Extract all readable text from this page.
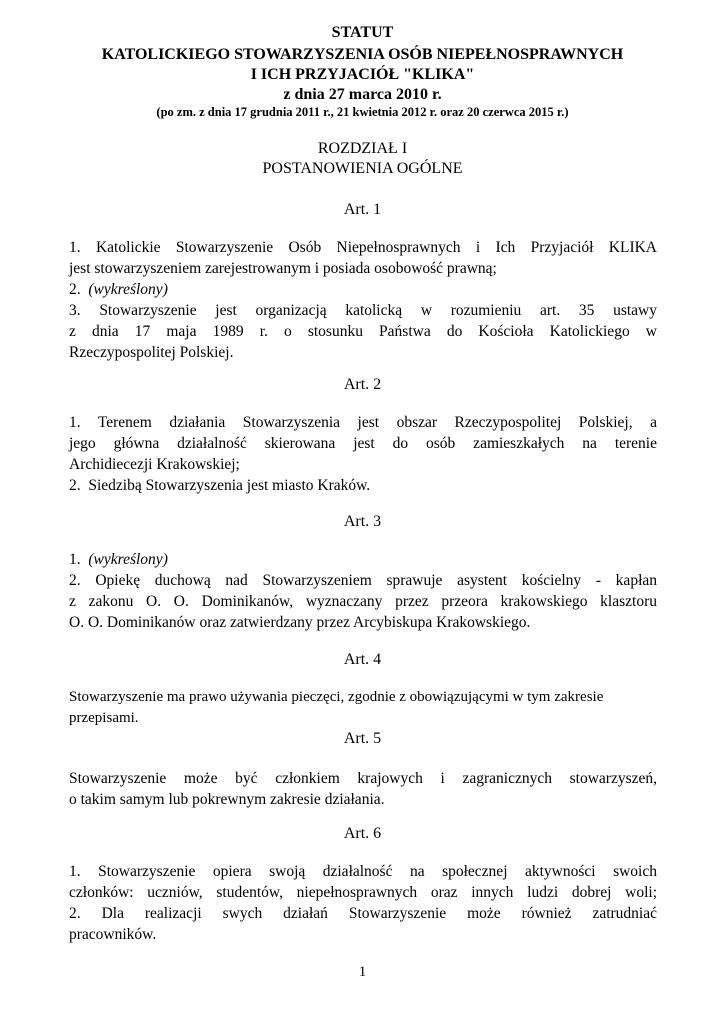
STATUT
KATOLICKIEGO STOWARZYSZENIA OSÓB NIEPEŁNOSPRAWNYCH
I ICH PRZYJACIÓŁ "KLIKA"
z dnia 27 marca 2010 r.
(po zm. z dnia 17 grudnia 2011 r., 21 kwietnia 2012 r. oraz 20 czerwca 2015 r.)
ROZDZIAŁ I
POSTANOWIENIA OGÓLNE
Art. 1
1. Katolickie Stowarzyszenie Osób Niepełnosprawnych i Ich Przyjaciół KLIKA
jest stowarzyszeniem zarejestrowanym i posiada osobowość prawną;
2. (wykreślony)
3. Stowarzyszenie jest organizacją katolicką w rozumieniu art. 35 ustawy
z dnia 17 maja 1989 r. o stosunku Państwa do Kościoła Katolickiego w
Rzeczypospolitej Polskiej.
Art. 2
1. Terenem działania Stowarzyszenia jest obszar Rzeczypospolitej Polskiej, a
jego główna działalność skierowana jest do osób zamieszkałych na terenie
Archidiecezji Krakowskiej;
2.  Siedzibą Stowarzyszenia jest miasto Kraków.
Art. 3
1. (wykreślony)
2. Opiekę duchową nad Stowarzyszeniem sprawuje asystent kościelny - kapłan
z zakonu O. O. Dominikanów, wyznaczany przez przeora krakowskiego klasztoru
O. O. Dominikanów oraz zatwierdzany przez Arcybiskupa Krakowskiego.
Art. 4
Stowarzyszenie ma prawo używania pieczęci, zgodnie z obowiązującymi w tym zakresie
przepisami.
Art. 5
Stowarzyszenie może być członkiem krajowych i zagranicznych stowarzyszeń,
o takim samym lub pokrewnym zakresie działania.
Art. 6
1. Stowarzyszenie opiera swoją działalność na społecznej aktywności swoich
członków: uczniów, studentów, niepełnosprawnych oraz innych ludzi dobrej woli;
2. Dla realizacji swych działań Stowarzyszenie może również zatrudniać
pracowników.
1
